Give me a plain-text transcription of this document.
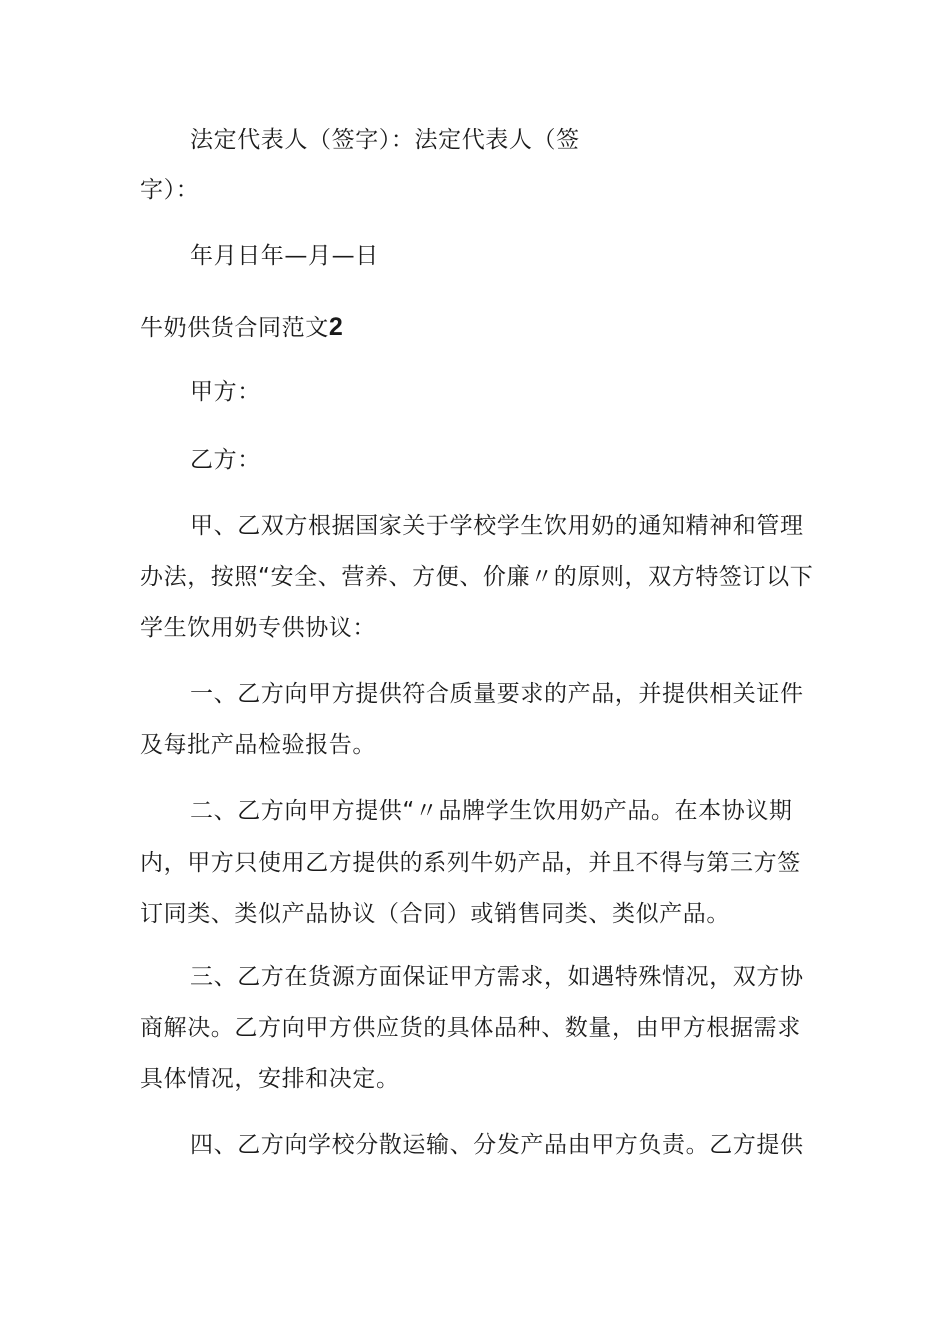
法定代表人（签字）：法定代表人（签
字）：
年月日年—月—日
牛奶供货合同范文2
甲方：
乙方：
甲、乙双方根据国家关于学校学生饮用奶的通知精神和管理
办法，按照“安全、营养、方便、价廉〃的原则，双方特签订以下
学生饮用奶专供协议：
一、乙方向甲方提供符合质量要求的产品，并提供相关证件
及每批产品检验报告。
二、乙方向甲方提供“〃品牌学生饮用奶产品。在本协议期
内，甲方只使用乙方提供的系列牛奶产品，并且不得与第三方签
订同类、类似产品协议（合同）或销售同类、类似产品。
三、乙方在货源方面保证甲方需求，如遇特殊情况，双方协
商解决。乙方向甲方供应货的具体品种、数量，由甲方根据需求
具体情况，安排和决定。
四、乙方向学校分散运输、分发产品由甲方负责。乙方提供
